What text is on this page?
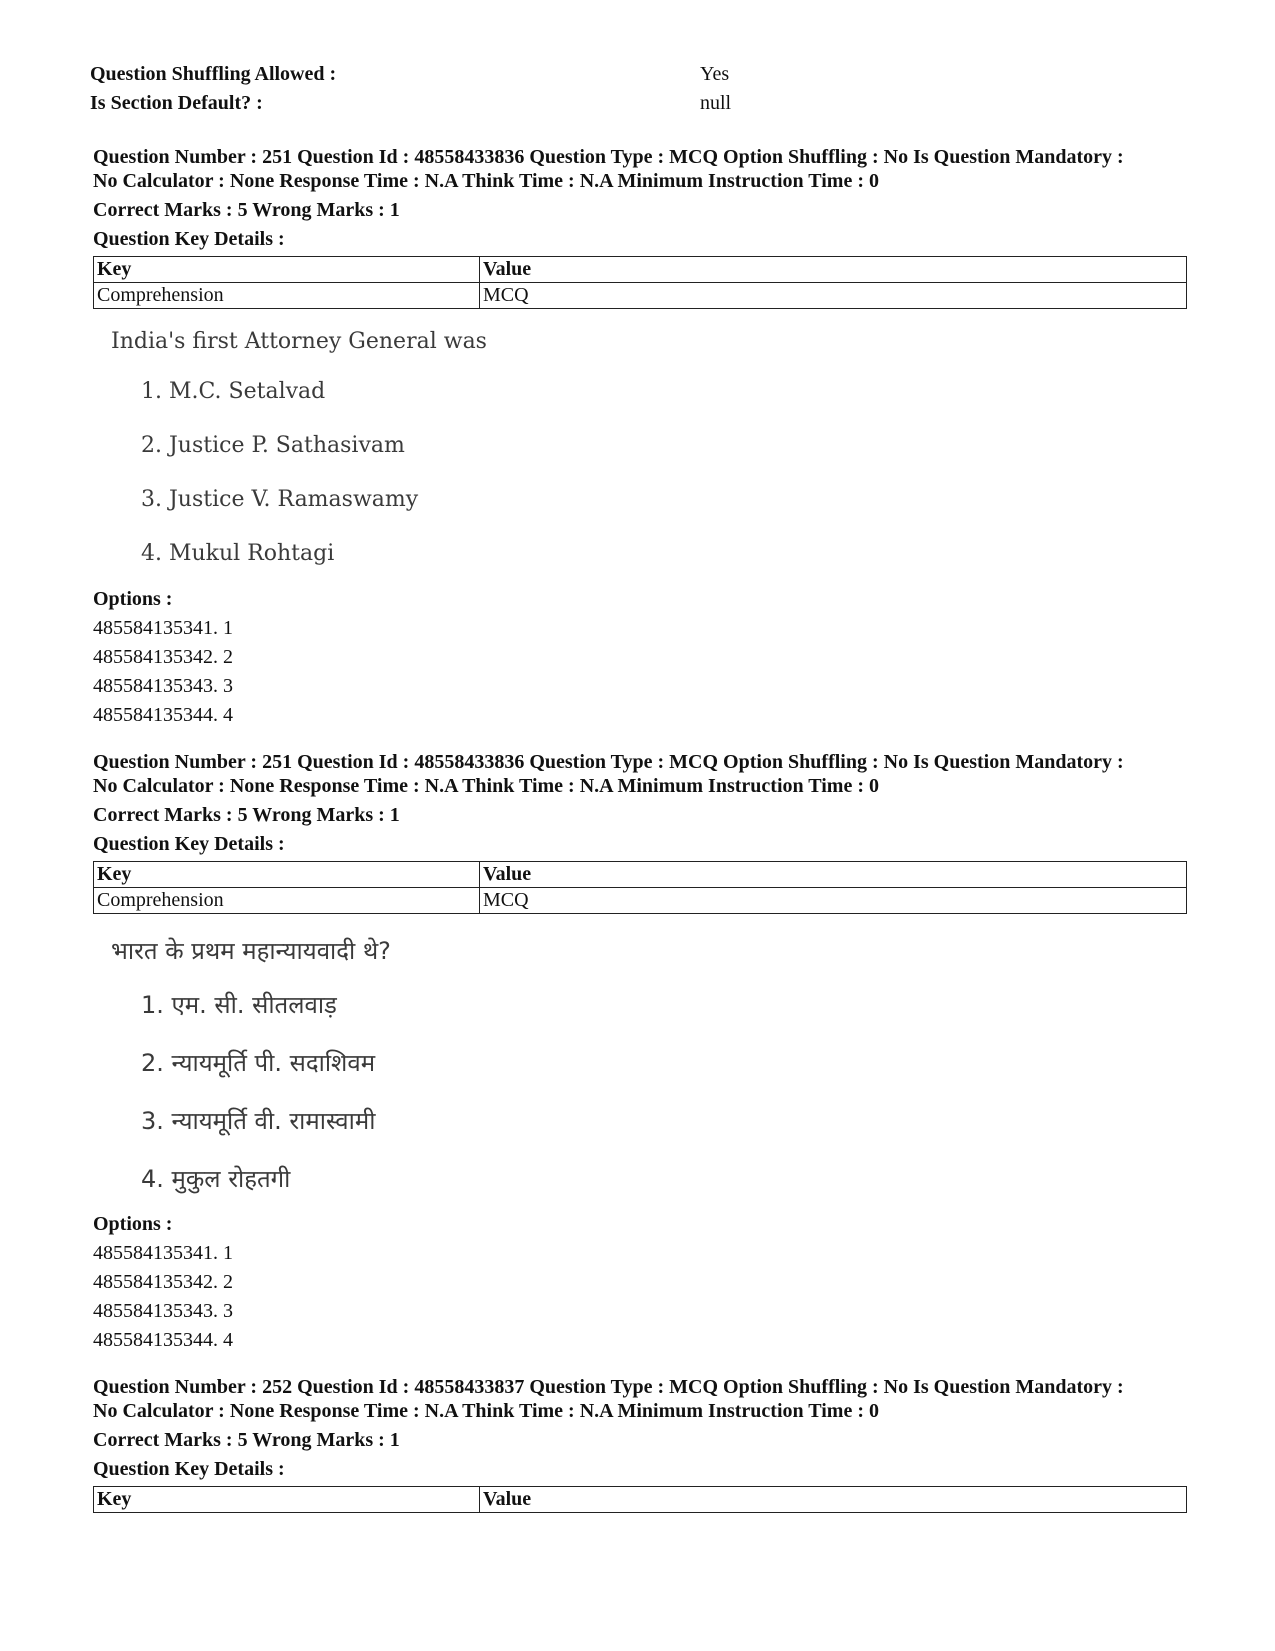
Question Shuffling Allowed :	Yes
Is Section Default? :	null

Question Number : 251 Question Id : 48558433836 Question Type : MCQ Option Shuffling : No Is Question Mandatory :

No Calculator : None Response Time : N.A Think Time : N.A Minimum Instruction Time : 0

Correct Marks : 5 Wrong Marks : 1

Question Key Details :

Key	Value
Comprehension	MCQ
India's first Attorney General was
1. M.C. Setalvad
2. Justice P. Sathasivam
3. Justice V. Ramaswamy
4. Mukul Rohtagi
Options :
485584135341. 1
485584135342. 2
485584135343. 3
485584135344. 4

Question Number : 251 Question Id : 48558433836 Question Type : MCQ Option Shuffling : No Is Question Mandatory :

No Calculator : None Response Time : N.A Think Time : N.A Minimum Instruction Time : 0

Correct Marks : 5 Wrong Marks : 1

Question Key Details :

Key	Value
Comprehension	MCQ
भारत के प्रथम महान्यायवादी थे?
1. एम. सी. सीतलवाड़
2. न्यायमूर्ति पी. सदाशिवम
3. न्यायमूर्ति वी. रामास्वामी
4. मुकुल रोहतगी
Options :
485584135341. 1
485584135342. 2
485584135343. 3
485584135344. 4

Question Number : 252 Question Id : 48558433837 Question Type : MCQ Option Shuffling : No Is Question Mandatory :

No Calculator : None Response Time : N.A Think Time : N.A Minimum Instruction Time : 0

Correct Marks : 5 Wrong Marks : 1

Question Key Details :

Key	Value
